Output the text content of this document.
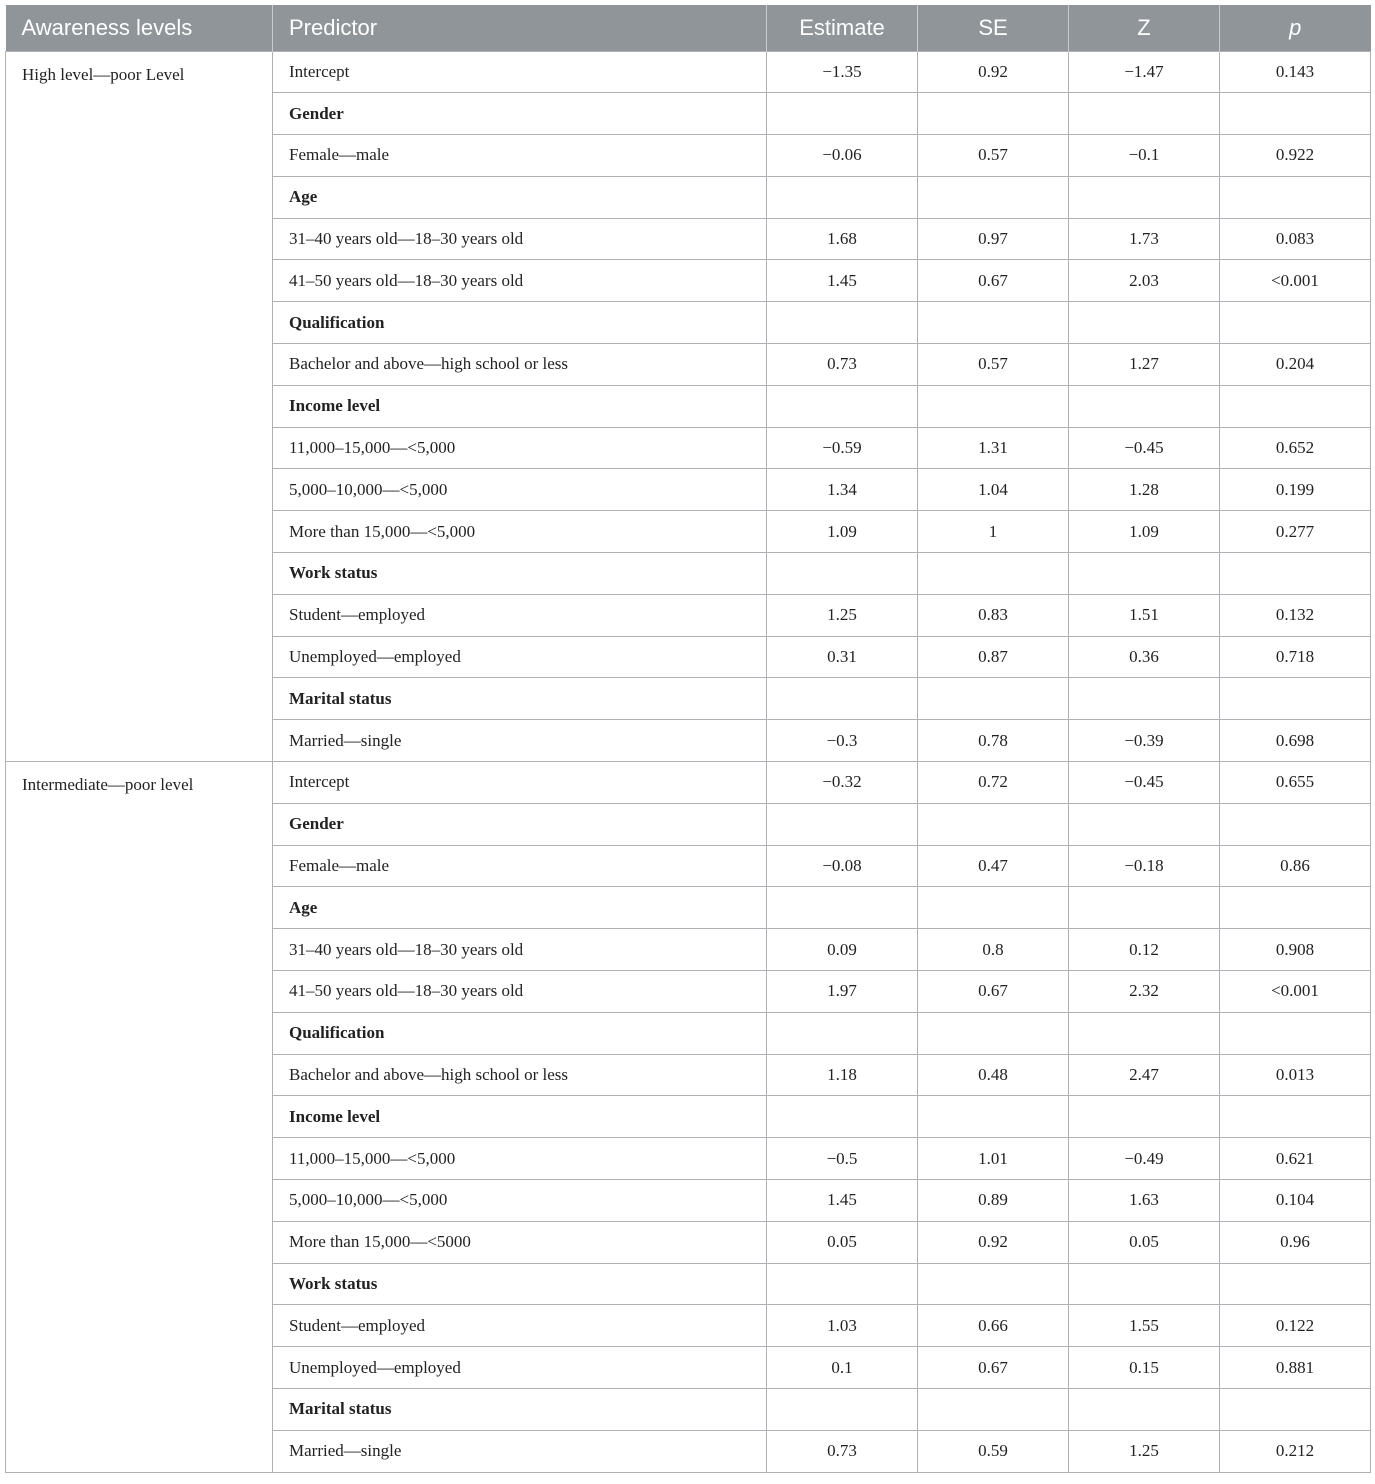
Awareness levels	Predictor	Estimate	SE	Z	p
High level—poor Level	Intercept	−1.35	0.92	−1.47	0.143
	Gender				
	Female—male	−0.06	0.57	−0.1	0.922
	Age				
	31–40 years old—18–30 years old	1.68	0.97	1.73	0.083
	41–50 years old—18–30 years old	1.45	0.67	2.03	<0.001
	Qualification				
	Bachelor and above—high school or less	0.73	0.57	1.27	0.204
	Income level				
	11,000–15,000—<5,000	−0.59	1.31	−0.45	0.652
	5,000–10,000—<5,000	1.34	1.04	1.28	0.199
	More than 15,000—<5,000	1.09	1	1.09	0.277
	Work status				
	Student—employed	1.25	0.83	1.51	0.132
	Unemployed—employed	0.31	0.87	0.36	0.718
	Marital status				
	Married—single	−0.3	0.78	−0.39	0.698
Intermediate—poor level	Intercept	−0.32	0.72	−0.45	0.655
	Gender				
	Female—male	−0.08	0.47	−0.18	0.86
	Age				
	31–40 years old—18–30 years old	0.09	0.8	0.12	0.908
	41–50 years old—18–30 years old	1.97	0.67	2.32	<0.001
	Qualification				
	Bachelor and above—high school or less	1.18	0.48	2.47	0.013
	Income level				
	11,000–15,000—<5,000	−0.5	1.01	−0.49	0.621
	5,000–10,000—<5,000	1.45	0.89	1.63	0.104
	More than 15,000—<5000	0.05	0.92	0.05	0.96
	Work status				
	Student—employed	1.03	0.66	1.55	0.122
	Unemployed—employed	0.1	0.67	0.15	0.881
	Marital status				
	Married—single	0.73	0.59	1.25	0.212
